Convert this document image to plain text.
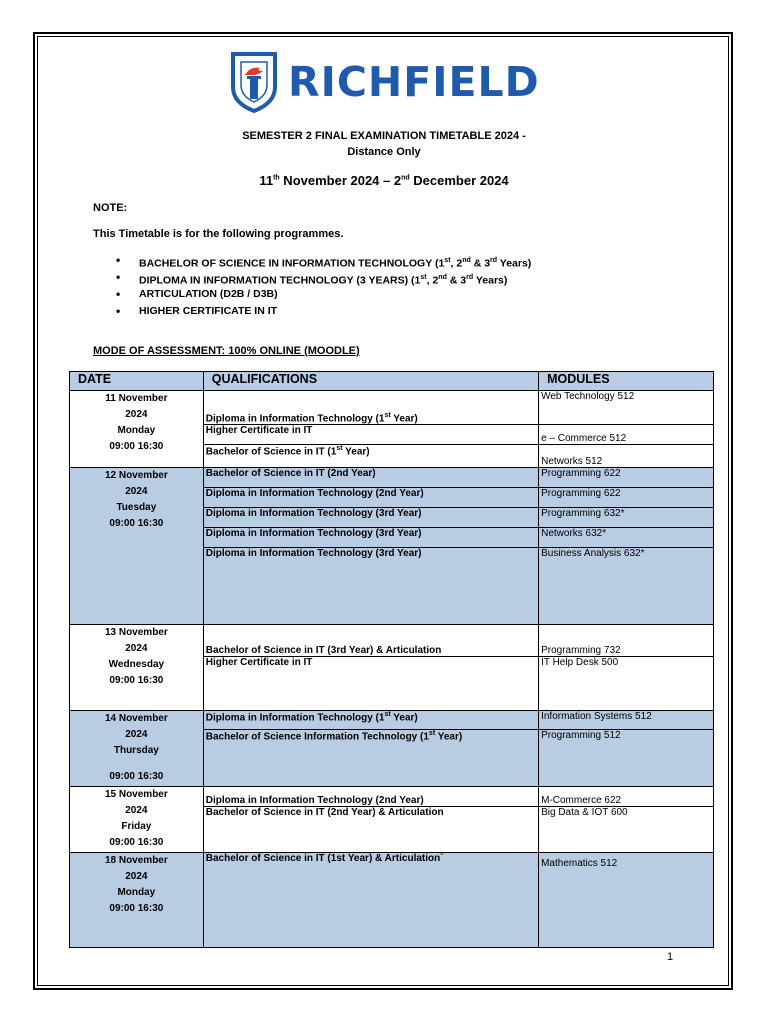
RICHFIELD
SEMESTER 2 FINAL EXAMINATION TIMETABLE 2024 -
Distance Only
11th November 2024 – 2nd December 2024
NOTE:
This Timetable is for the following programmes.
• BACHELOR OF SCIENCE IN INFORMATION TECHNOLOGY (1st, 2nd & 3rd Years)
• DIPLOMA IN INFORMATION TECHNOLOGY (3 YEARS) (1st, 2nd & 3rd Years)
• ARTICULATION (D2B / D3B)
• HIGHER CERTIFICATE IN IT
MODE OF ASSESSMENT: 100% ONLINE (MOODLE)
DATE	QUALIFICATIONS	MODULES

11 November
2024
Monday
09:00 16:30	Diploma in Information Technology (1st Year)	Web Technology 512
	Higher Certificate in IT	e – Commerce 512
	Bachelor of Science in IT (1st Year)	Networks 512

12 November
2024
Tuesday
09:00 16:30	Bachelor of Science in IT (2nd Year)	Programming 622
	Diploma in Information Technology (2nd Year)	Programming 622
	Diploma in Information Technology (3rd Year)	Programming 632*
	Diploma in Information Technology (3rd Year)	Networks 632*
	Diploma in Information Technology (3rd Year)	Business Analysis 632*

13 November
2024
Wednesday
09:00 16:30	Bachelor of Science in IT (3rd Year) & Articulation	Programming 732
	Higher Certificate in IT	IT Help Desk 500

14 November
2024
Thursday
09:00 16:30	Diploma in Information Technology (1st Year)	Information Systems 512
	Bachelor of Science Information Technology (1st Year)	Programming 512

15 November
2024
Friday
09:00 16:30	Diploma in Information Technology (2nd Year)	M-Commerce 622
	Bachelor of Science in IT (2nd Year) & Articulation	Big Data & IOT 600

18 November
2024
Monday
09:00 16:30	Bachelor of Science in IT (1st Year) & Articulation`	Mathematics 512
1
